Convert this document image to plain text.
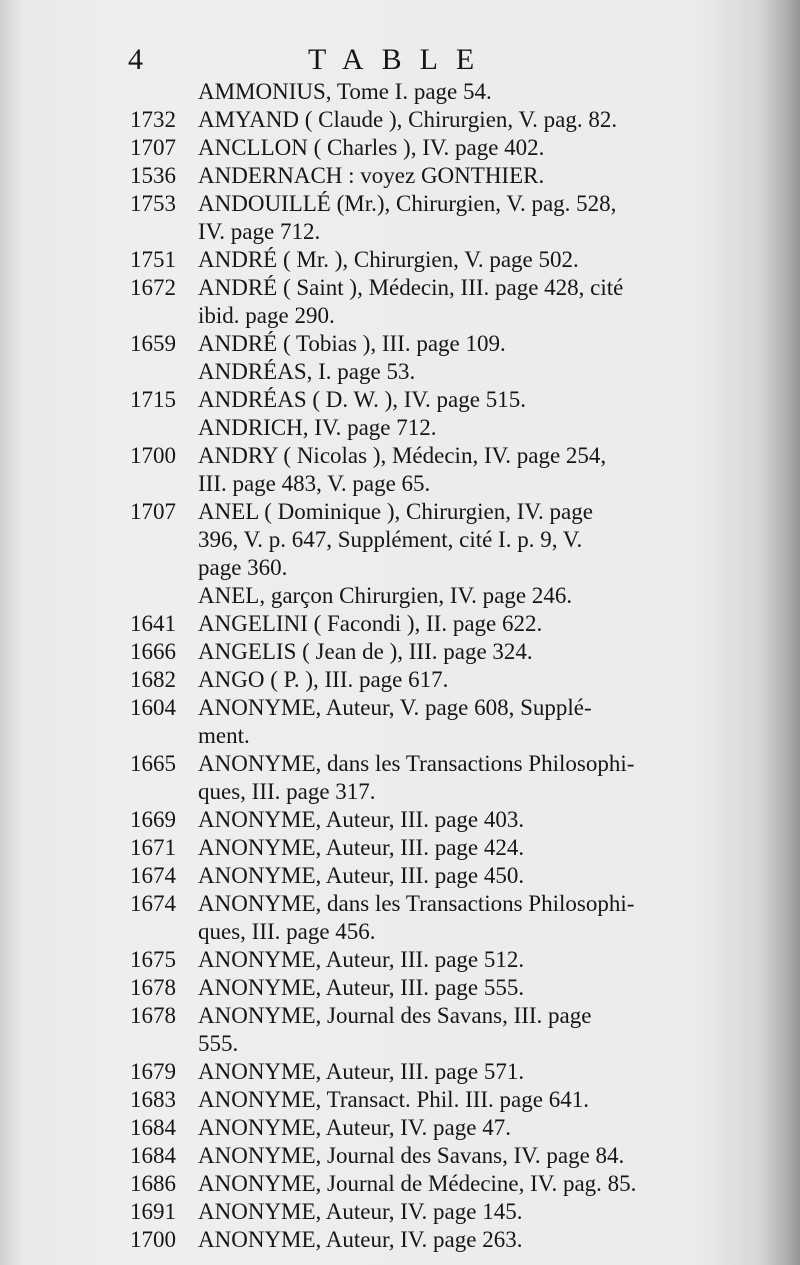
4	TABLE
AMMONIUS, Tome I. page 54.
1732 AMYAND ( Claude ), Chirurgien, V. pag. 82.
1707 ANCLLON ( Charles ), IV. page 402.
1536 ANDERNACH : voyez GONTHIER.
1753 ANDOUILLÉ (Mr.), Chirurgien, V. pag. 528,
IV. page 712.
1751 ANDRÉ ( Mr. ), Chirurgien, V. page 502.
1672 ANDRÉ ( Saint ), Médecin, III. page 428, cité
ibid. page 290.
1659 ANDRÉ ( Tobias ), III. page 109.
ANDRÉAS, I. page 53.
1715 ANDRÉAS ( D. W. ), IV. page 515.
ANDRICH, IV. page 712.
1700 ANDRY ( Nicolas ), Médecin, IV. page 254,
III. page 483, V. page 65.
1707 ANEL ( Dominique ), Chirurgien, IV. page
396, V. p. 647, Supplément, cité I. p. 9, V.
page 360.
ANEL, garçon Chirurgien, IV. page 246.
1641 ANGELINI ( Facondi ), II. page 622.
1666 ANGELIS ( Jean de ), III. page 324.
1682 ANGO ( P. ), III. page 617.
1604 ANONYME, Auteur, V. page 608, Supplé-
ment.
1665 ANONYME, dans les Transactions Philosophi-
ques, III. page 317.
1669 ANONYME, Auteur, III. page 403.
1671 ANONYME, Auteur, III. page 424.
1674 ANONYME, Auteur, III. page 450.
1674 ANONYME, dans les Transactions Philosophi-
ques, III. page 456.
1675 ANONYME, Auteur, III. page 512.
1678 ANONYME, Auteur, III. page 555.
1678 ANONYME, Journal des Savans, III. page
555.
1679 ANONYME, Auteur, III. page 571.
1683 ANONYME, Transact. Phil. III. page 641.
1684 ANONYME, Auteur, IV. page 47.
1684 ANONYME, Journal des Savans, IV. page 84.
1686 ANONYME, Journal de Médecine, IV. pag. 85.
1691 ANONYME, Auteur, IV. page 145.
1700 ANONYME, Auteur, IV. page 263.
